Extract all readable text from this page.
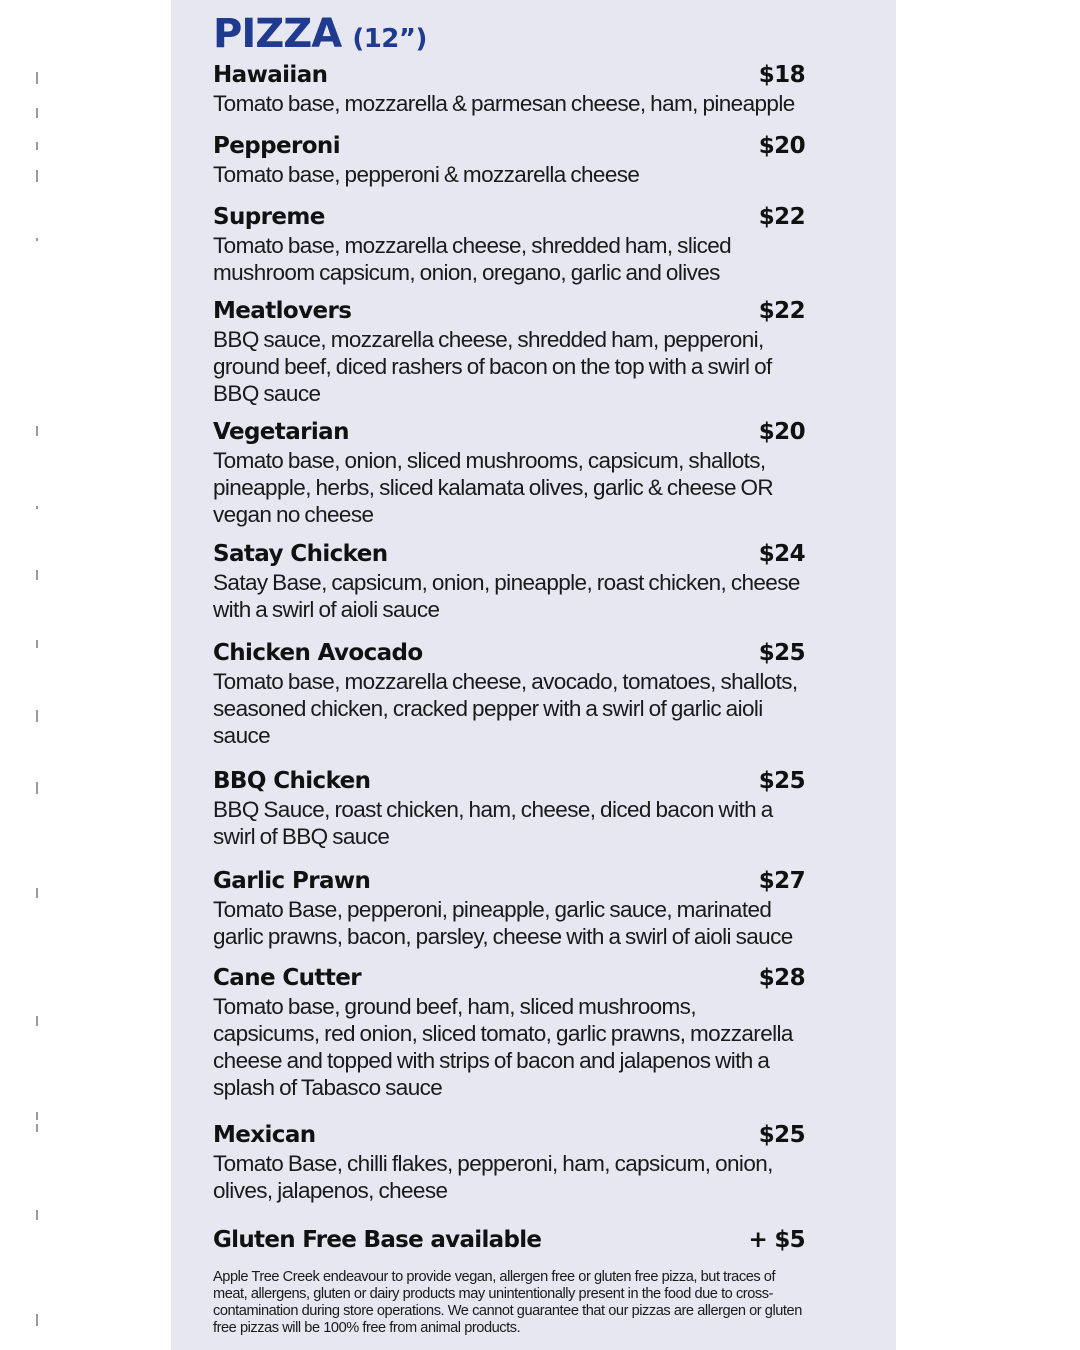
PIZZA (12”)
Hawaiian	$18
Tomato base, mozzarella & parmesan cheese, ham, pineapple
Pepperoni	$20
Tomato base, pepperoni & mozzarella cheese
Supreme	$22
Tomato base, mozzarella cheese, shredded ham, sliced mushroom capsicum, onion, oregano, garlic and olives
Meatlovers	$22
BBQ sauce, mozzarella cheese, shredded ham, pepperoni, ground beef, diced rashers of bacon on the top with a swirl of BBQ sauce
Vegetarian	$20
Tomato base, onion, sliced mushrooms, capsicum, shallots, pineapple, herbs, sliced kalamata olives, garlic & cheese OR vegan no cheese
Satay Chicken	$24
Satay Base, capsicum, onion, pineapple, roast chicken, cheese with a swirl of aioli sauce
Chicken Avocado	$25
Tomato base, mozzarella cheese, avocado, tomatoes, shallots, seasoned chicken, cracked pepper with a swirl of garlic aioli sauce
BBQ Chicken	$25
BBQ Sauce, roast chicken, ham, cheese, diced bacon with a swirl of BBQ sauce
Garlic Prawn	$27
Tomato Base, pepperoni, pineapple, garlic sauce, marinated garlic prawns, bacon, parsley, cheese with a swirl of aioli sauce
Cane Cutter	$28
Tomato base, ground beef, ham, sliced mushrooms, capsicums, red onion, sliced tomato, garlic prawns, mozzarella cheese and topped with strips of bacon and jalapenos with a splash of Tabasco sauce
Mexican	$25
Tomato Base, chilli flakes, pepperoni, ham, capsicum, onion, olives, jalapenos, cheese
Gluten Free Base available	+ $5

Apple Tree Creek endeavour to provide vegan, allergen free or gluten free pizza, but traces of meat, allergens, gluten or dairy products may unintentionally present in the food due to cross-contamination during store operations. We cannot guarantee that our pizzas are allergen or gluten free pizzas will be 100% free from animal products.
